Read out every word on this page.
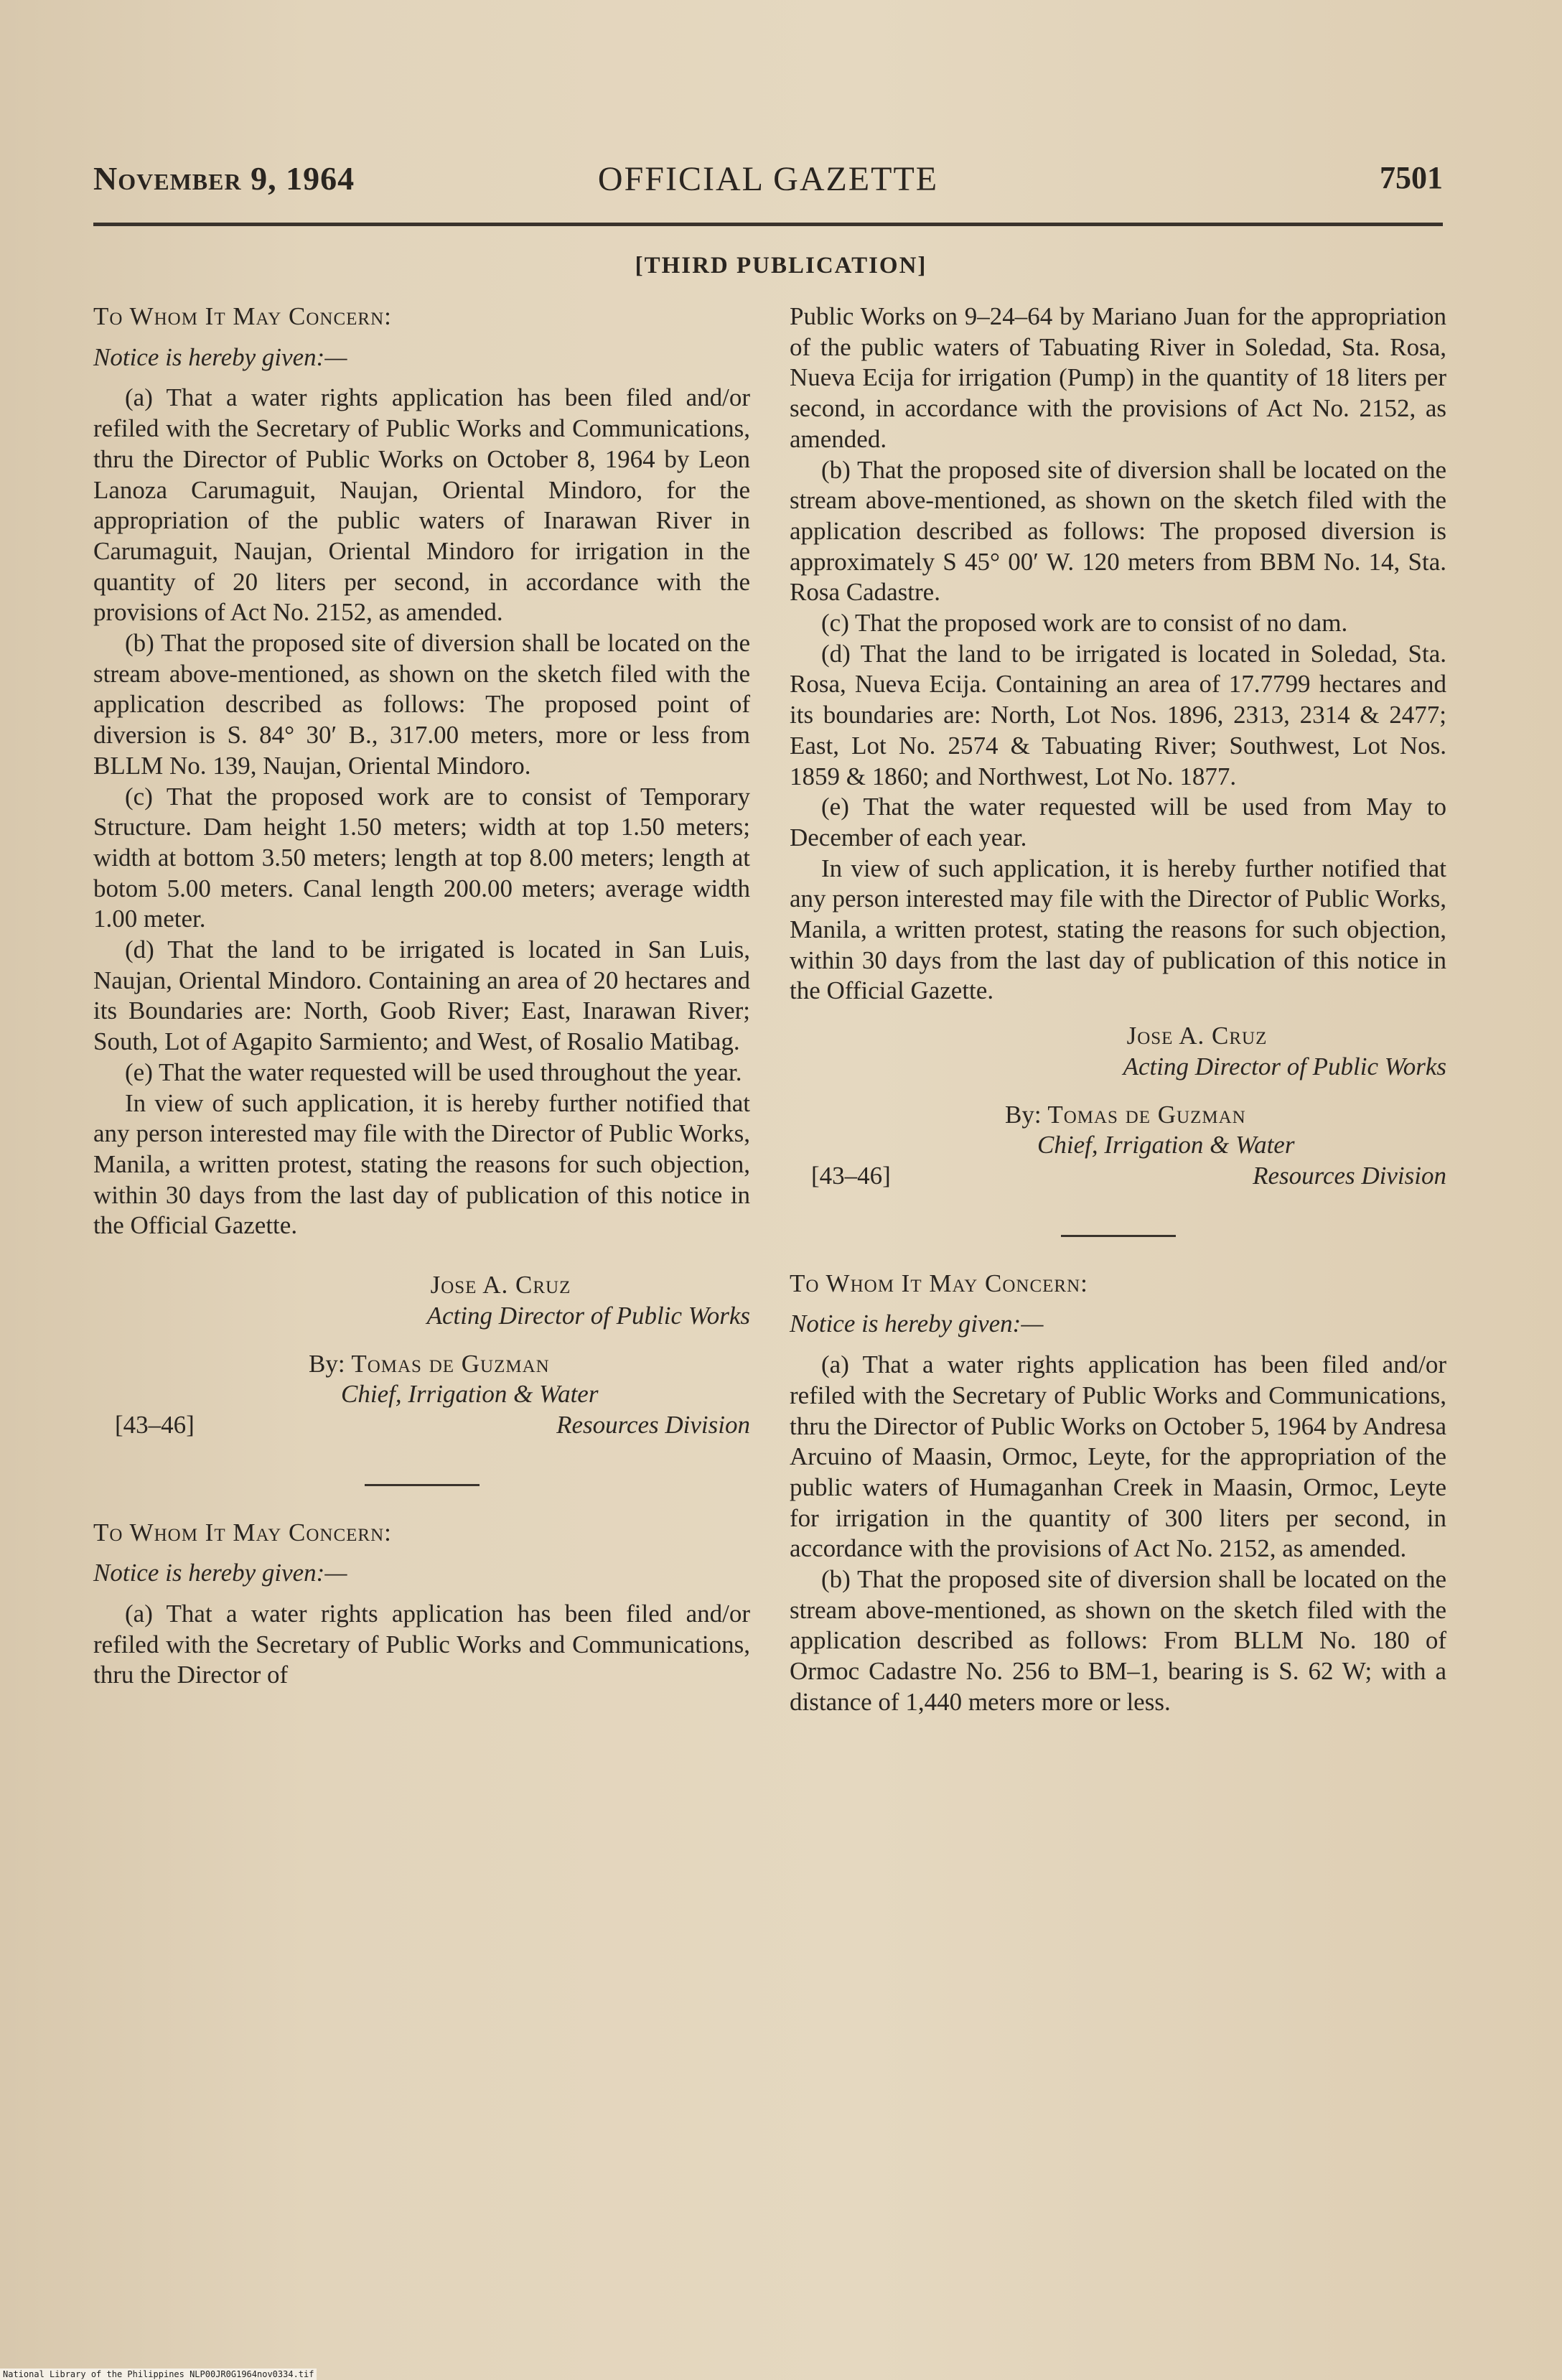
November 9, 1964	OFFICIAL GAZETTE	7501
[THIRD PUBLICATION]

To Whom It May Concern:

Notice is hereby given:—

(a) That a water rights application has been filed and/or refiled with the Secretary of Public Works and Communications, thru the Director of Public Works on October 8, 1964 by Leon Lanoza Carumaguit, Naujan, Oriental Mindoro, for the appropriation of the public waters of Inarawan River in Carumaguit, Naujan, Oriental Mindoro for irrigation in the quantity of 20 liters per second, in accordance with the provisions of Act No. 2152, as amended.

(b) That the proposed site of diversion shall be located on the stream above-mentioned, as shown on the sketch filed with the application described as follows: The proposed point of diversion is S. 84° 30′ B., 317.00 meters, more or less from BLLM No. 139, Naujan, Oriental Mindoro.

(c) That the proposed work are to consist of Temporary Structure. Dam height 1.50 meters; width at top 1.50 meters; width at bottom 3.50 meters; length at top 8.00 meters; length at botom 5.00 meters. Canal length 200.00 meters; average width 1.00 meter.

(d) That the land to be irrigated is located in San Luis, Naujan, Oriental Mindoro. Containing an area of 20 hectares and its Boundaries are: North, Goob River; East, Inarawan River; South, Lot of Agapito Sarmiento; and West, of Rosalio Matibag.

(e) That the water requested will be used throughout the year.

In view of such application, it is hereby further notified that any person interested may file with the Director of Public Works, Manila, a written protest, stating the reasons for such objection, within 30 days from the last day of publication of this notice in the Official Gazette.

Jose A. Cruz
Acting Director of Public Works
By: Tomas de Guzman
Chief, Irrigation & Water
[43–46]	Resources Division

To Whom It May Concern:

Notice is hereby given:—

(a) That a water rights application has been filed and/or refiled with the Secretary of Public Works and Communications, thru the Director of

Public Works on 9–24–64 by Mariano Juan for the appropriation of the public waters of Tabuating River in Soledad, Sta. Rosa, Nueva Ecija for irrigation (Pump) in the quantity of 18 liters per second, in accordance with the provisions of Act No. 2152, as amended.

(b) That the proposed site of diversion shall be located on the stream above-mentioned, as shown on the sketch filed with the application described as follows: The proposed diversion is approximately S 45° 00′ W. 120 meters from BBM No. 14, Sta. Rosa Cadastre.

(c) That the proposed work are to consist of no dam.

(d) That the land to be irrigated is located in Soledad, Sta. Rosa, Nueva Ecija. Containing an area of 17.7799 hectares and its boundaries are: North, Lot Nos. 1896, 2313, 2314 & 2477; East, Lot No. 2574 & Tabuating River; Southwest, Lot Nos. 1859 & 1860; and Northwest, Lot No. 1877.

(e) That the water requested will be used from May to December of each year.

In view of such application, it is hereby further notified that any person interested may file with the Director of Public Works, Manila, a written protest, stating the reasons for such objection, within 30 days from the last day of publication of this notice in the Official Gazette.

Jose A. Cruz
Acting Director of Public Works
By: Tomas de Guzman
Chief, Irrigation & Water
[43–46]	Resources Division

To Whom It May Concern:

Notice is hereby given:—

(a) That a water rights application has been filed and/or refiled with the Secretary of Public Works and Communications, thru the Director of Public Works on October 5, 1964 by Andresa Arcuino of Maasin, Ormoc, Leyte, for the appropriation of the public waters of Humaganhan Creek in Maasin, Ormoc, Leyte for irrigation in the quantity of 300 liters per second, in accordance with the provisions of Act No. 2152, as amended.

(b) That the proposed site of diversion shall be located on the stream above-mentioned, as shown on the sketch filed with the application described as follows: From BLLM No. 180 of Ormoc Cadastre No. 256 to BM–1, bearing is S. 62 W; with a distance of 1,440 meters more or less.

National Library of the Philippines NLP00JR0G1964nov0334.tif
